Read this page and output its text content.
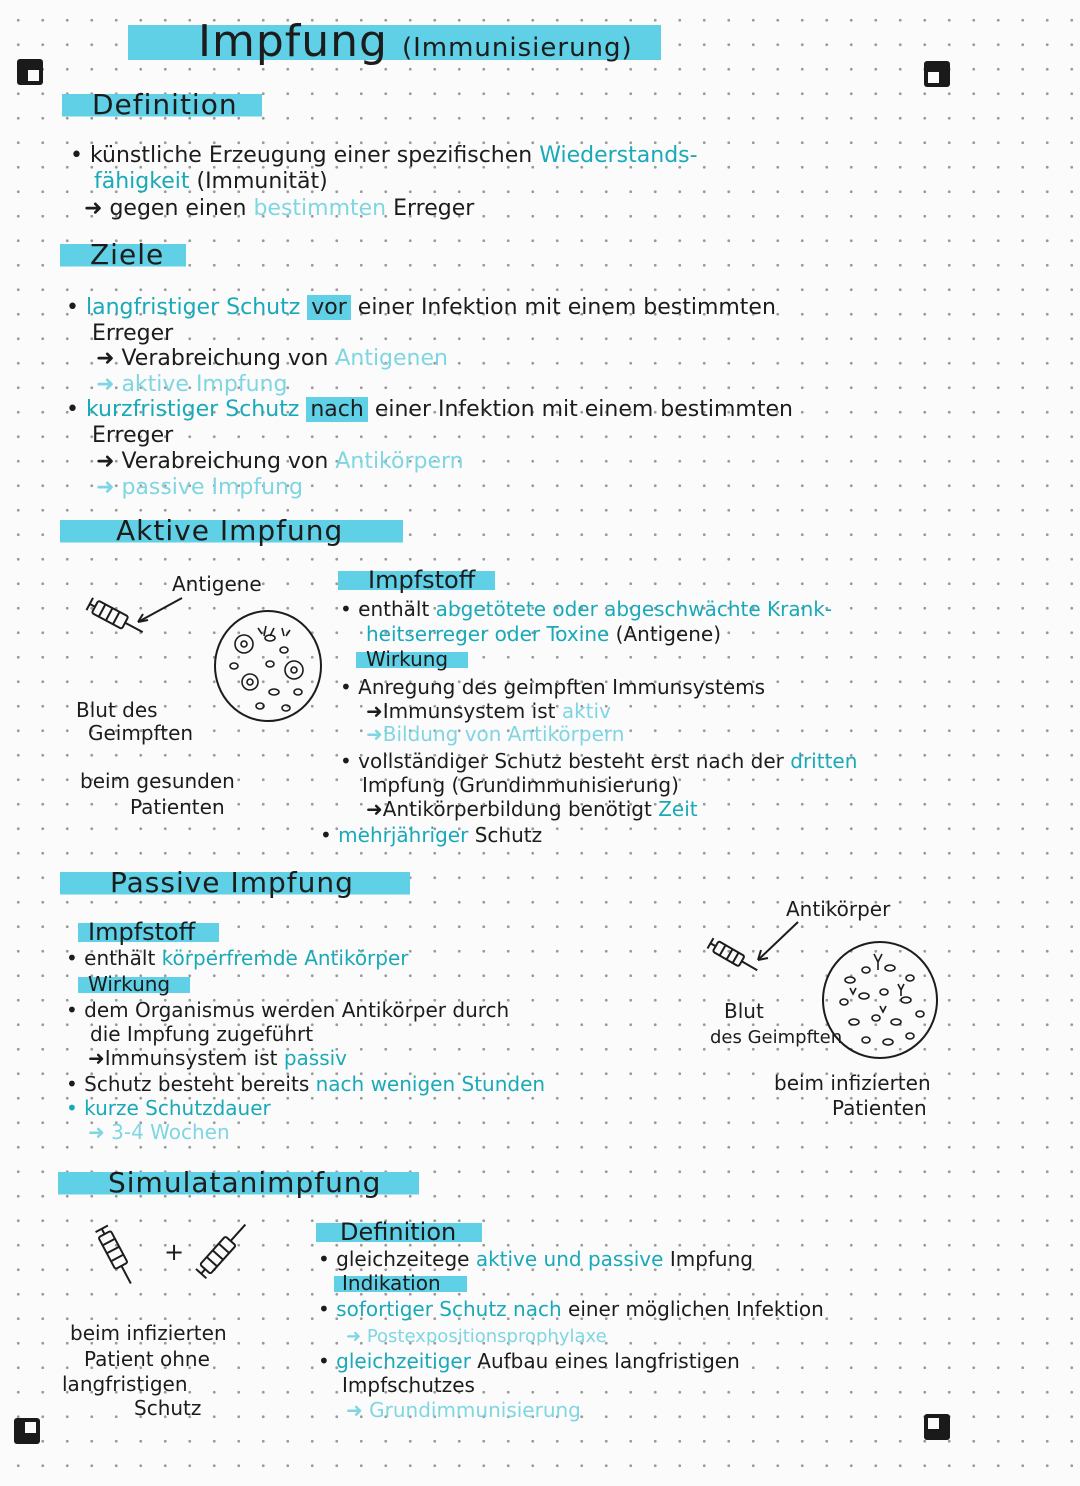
Impfung (Immunisierung)
Definition
• künstliche Erzeugung einer spezifischen Wiederstands-
fähigkeit (Immunität)
➜ gegen einen bestimmten Erreger
Ziele
• langfristiger Schutz vor einer Infektion mit einem bestimmten
Erreger
➜ Verabreichung von Antigenen
➜ aktive Impfung
• kurzfristiger Schutz nach einer Infektion mit einem bestimmten
Erreger
➜ Verabreichung von Antikörpern
➜ passive Impfung
Aktive Impfung
Antigene
Blut des
Geimpften
beim gesunden
Patienten
Impfstoff
• enthält abgetötete oder abgeschwächte Krank-
heitserreger oder Toxine (Antigene)
Wirkung
• Anregung des geimpften Immunsystems
➜Immunsystem ist aktiv
➜Bildung von Antikörpern
• vollständiger Schutz besteht erst nach der dritten
Impfung (Grundimmunisierung)
➜Antikörperbildung benötigt Zeit
• mehrjähriger Schutz
Passive Impfung
Impfstoff
• enthält körperfremde Antikörper
Wirkung
• dem Organismus werden Antikörper durch
die Impfung zugeführt
➜Immunsystem ist passiv
• Schutz besteht bereits nach wenigen Stunden
• kurze Schutzdauer
➜ 3-4 Wochen
Antikörper
Blut
des Geimpften
beim infizierten
Patienten
Simulatanimpfung
+
beim infizierten
Patient ohne
langfristigen
Schutz
Definition
• gleichzeitege aktive und passive Impfung
Indikation
• sofortiger Schutz nach einer möglichen Infektion
➜ Postexpositionsprophylaxe
• gleichzeitiger Aufbau eines langfristigen
Impfschutzes
➜ Grundimmunisierung
